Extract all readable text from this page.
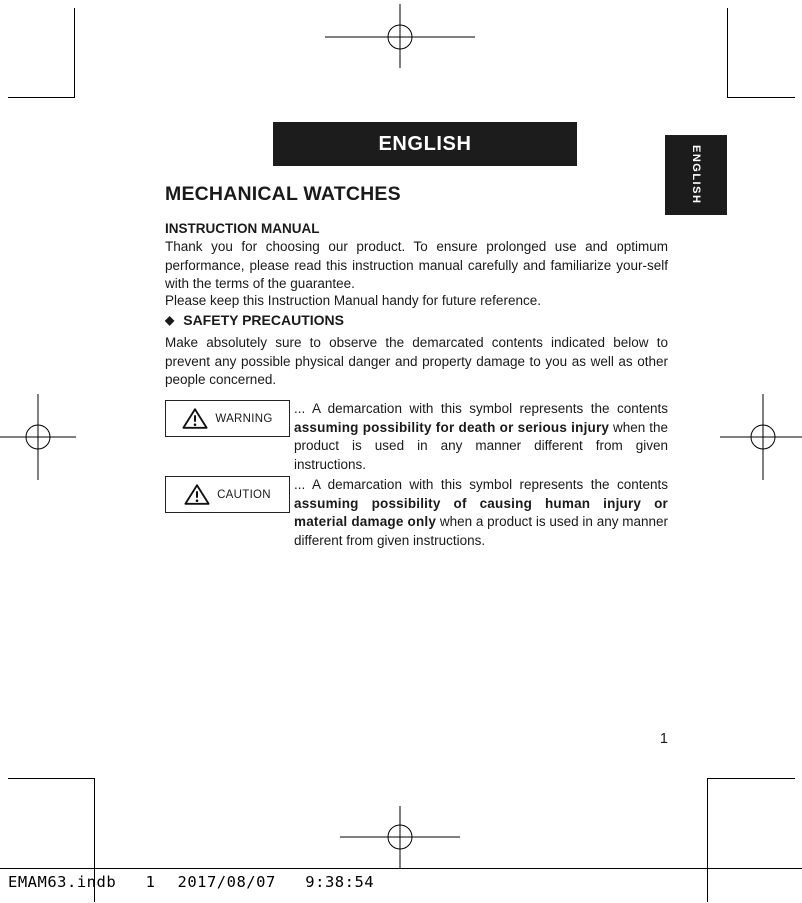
ENGLISH
ENGLISH
MECHANICAL WATCHES
INSTRUCTION MANUAL

Thank you for choosing our product. To ensure prolonged use and optimum performance, please read this instruction manual carefully and familiarize your-self with the terms of the guarantee.

Please keep this Instruction Manual handy for future reference.

◆ SAFETY PRECAUTIONS

Make absolutely sure to observe the demarcated contents indicated below to prevent any possible physical danger and property damage to you as well as other people concerned.

WARNING

... A demarcation with this symbol represents the contents assuming possibility for death or serious injury when the product is used in any manner different from given instructions.

CAUTION

... A demarcation with this symbol represents the contents assuming possibility of causing human injury or material damage only when a product is used in any manner different from given instructions.

1
EMAM63.indb   1 2017/08/07   9:38:54
